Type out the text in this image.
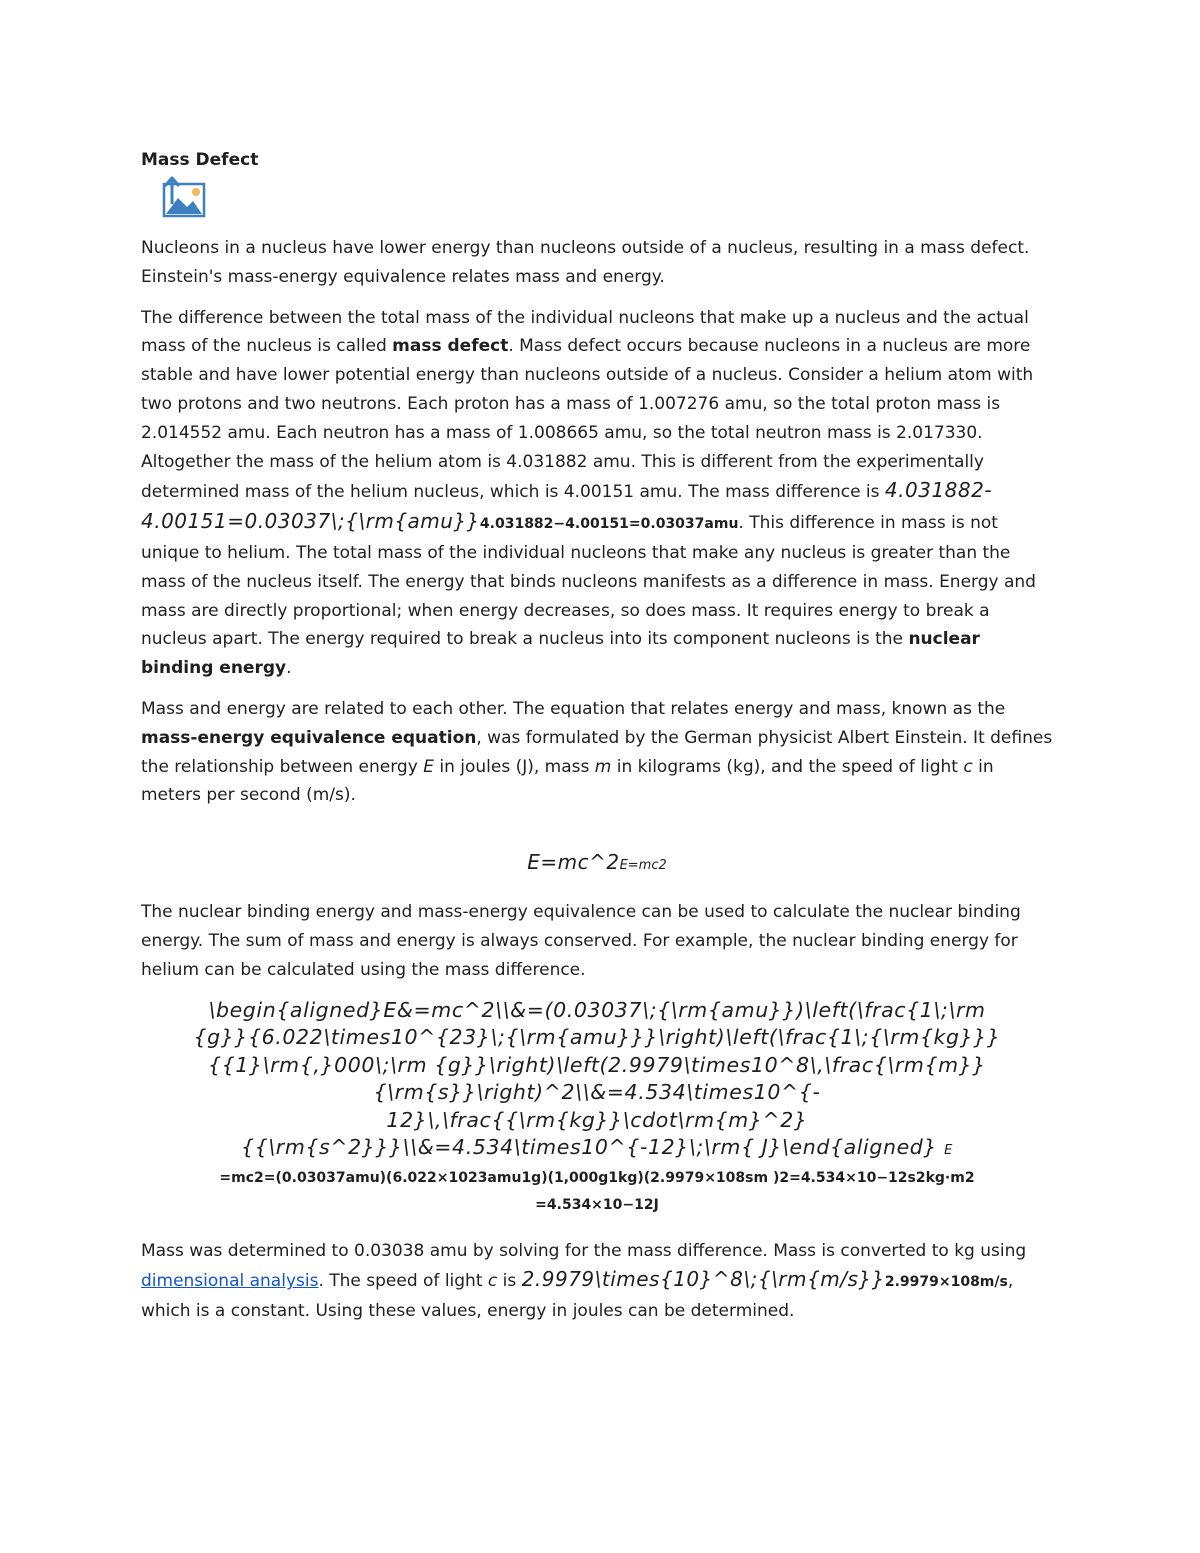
Mass Defect

Nucleons in a nucleus have lower energy than nucleons outside of a nucleus, resulting in a mass defect. Einstein's mass-energy equivalence relates mass and energy.

The difference between the total mass of the individual nucleons that make up a nucleus and the actual mass of the nucleus is called mass defect. Mass defect occurs because nucleons in a nucleus are more stable and have lower potential energy than nucleons outside of a nucleus. Consider a helium atom with two protons and two neutrons. Each proton has a mass of 1.007276 amu, so the total proton mass is 2.014552 amu. Each neutron has a mass of 1.008665 amu, so the total neutron mass is 2.017330. Altogether the mass of the helium atom is 4.031882 amu. This is different from the experimentally determined mass of the helium nucleus, which is 4.00151 amu. The mass difference is 4.031882-4.00151=0.03037\;{\rm{amu}}4.031882−4.00151=0.03037amu. This difference in mass is not unique to helium. The total mass of the individual nucleons that make any nucleus is greater than the mass of the nucleus itself. The energy that binds nucleons manifests as a difference in mass. Energy and mass are directly proportional; when energy decreases, so does mass. It requires energy to break a nucleus apart. The energy required to break a nucleus into its component nucleons is the nuclear binding energy.

Mass and energy are related to each other. The equation that relates energy and mass, known as the mass-energy equivalence equation, was formulated by the German physicist Albert Einstein. It defines the relationship between energy E in joules (J), mass m in kilograms (kg), and the speed of light c in meters per second (m/s).

E=mc^2E=mc2

The nuclear binding energy and mass-energy equivalence can be used to calculate the nuclear binding energy. The sum of mass and energy is always conserved. For example, the nuclear binding energy for helium can be calculated using the mass difference.

\begin{aligned}E&=mc^2\\&=(0.03037\;{\rm{amu}})\left(\frac{1\;\rm
{g}}{6.022\times10^{23}\;{\rm{amu}}}\right)\left(\frac{1\;{\rm{kg}}}
{{1}\rm{,}000\;\rm {g}}\right)\left(2.9979\times10^8\,\frac{\rm{m}}
{\rm{s}}\right)^2\\&=4.534\times10^{-
12}\,\frac{{\rm{kg}}\cdot\rm{m}^2}
{{\rm{s^2}}}\\&=4.534\times10^{-12}\;\rm{ J}\end{aligned} E
=mc2=(0.03037amu)(6.022×1023amu1g)(1,000g1kg)(2.9979×108sm )2=4.534×10−12s2kg⋅m2
=4.534×10−12J

Mass was determined to 0.03038 amu by solving for the mass difference. Mass is converted to kg using dimensional analysis. The speed of light c is 2.9979\times{10}^8\;{\rm{m/s}}2.9979×108m/s, which is a constant. Using these values, energy in joules can be determined.
